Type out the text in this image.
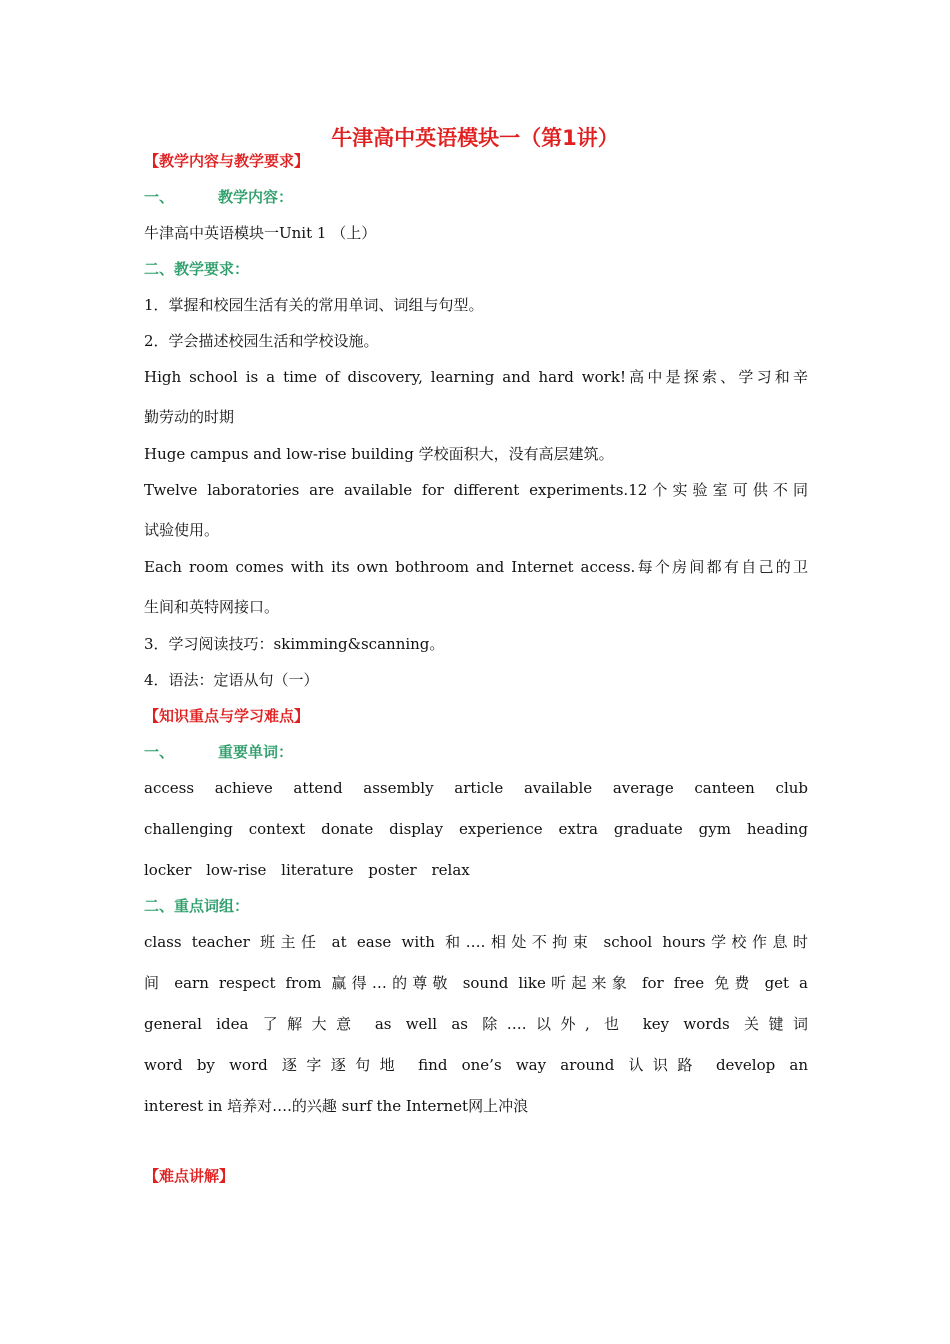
牛津高中英语模块一（第1讲）
【教学内容与教学要求】
一、	教学内容：
牛津高中英语模块一Unit 1 （上）
二、教学要求：
1．掌握和校园生活有关的常用单词、词组与句型。
2．学会描述校园生活和学校设施。
High school is a time of discovery, learning and hard work!高中是探索、学习和辛
勤劳动的时期
Huge campus and low-rise building 学校面积大，没有高层建筑。
Twelve laboratories are available for different experiments.12个实验室可供不同
试验使用。
Each room comes with its own bothroom and Internet access.每个房间都有自己的卫
生间和英特网接口。
3．学习阅读技巧：skimming&scanning。
4．语法：定语从句（一）
【知识重点与学习难点】
一、	重要单词：
access achieve attend assembly article available average canteen club
challenging context donate display experience extra graduate gym heading
locker low-rise literature poster relax
二、重点词组：
class teacher 班主任 at ease with 和….相处不拘束 school hours学校作息时
间 earn respect from 赢得…的尊敬 sound like听起来象 for free 免费 get a
general idea 了解大意 as well as 除….以外, 也 key words 关键词
word by word 逐字逐句地 find one’s way around 认识路 develop an
interest in 培养对….的兴趣 surf the Internet网上冲浪
【难点讲解】
